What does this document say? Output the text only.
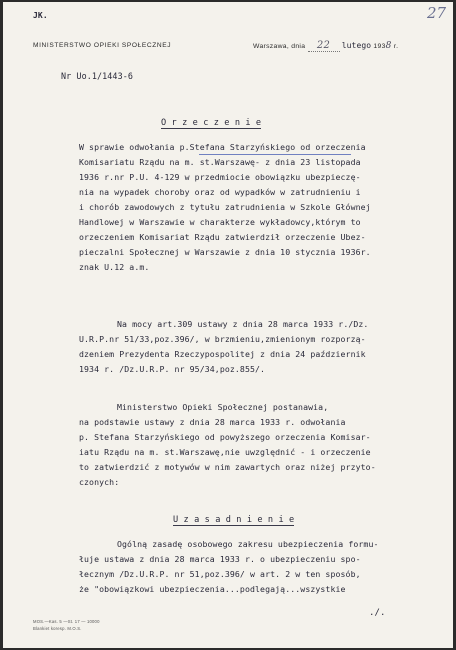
JK.	27
MINISTERSTWO OPIEKI SPOŁECZNEJ	Warszawa, dnia 22 lutego 1938 r.
Nr Uo.1/1443-6
O r z e c z e n i e
W sprawie odwołania p.Stefana Starzyńskiego od orzeczenia
Komisariatu Rządu na m. st.Warszawę- z dnia 23 listopada
1936 r.nr P.U. 4-129 w przedmiocie obowiązku ubezpieczę-
nia na wypadek choroby oraz od wypadków w zatrudnieniu i
i chorób zawodowych z tytułu zatrudnienia w Szkole Głównej
Handlowej w Warszawie w charakterze wykładowcy,którym to
orzeczeniem Komisariat Rządu zatwierdził orzeczenie Ubez-
pieczalni Społecznej w Warszawie z dnia 10 stycznia 1936r.
znak U.12 a.m.
Na mocy art.309 ustawy z dnia 28 marca 1933 r./Dz.
U.R.P.nr 51/33,poz.396/, w brzmieniu,zmienionym rozporzą-
dzeniem Prezydenta Rzeczypospolitej z dnia 24 październik
1934 r. /Dz.U.R.P. nr 95/34,poz.855/.
Ministerstwo Opieki Społecznej postanawia,
na podstawie ustawy z dnia 28 marca 1933 r. odwołania
p. Stefana Starzyńskiego od powyższego orzeczenia Komisar-
iatu Rządu na m. st.Warszawę,nie uwzględnić - i orzeczenie
to zatwierdzić z motywów w nim zawartych oraz niżej przyto-
czonych:
U z a s a d n i e n i e
Ogólną zasadę osobowego zakresu ubezpieczenia formu-
łuje ustawa z dnia 28 marca 1933 r. o ubezpieczeniu spo-
łecznym /Dz.U.R.P. nr 51,poz.396/ w art. 2 w ten sposób,
że "obowiązkowi ubezpieczenia...podlegają...wszystkie
./.
MOS.—Kas. 5 —St. 17 — 10000
Blankiet koresp. M.O.S.
